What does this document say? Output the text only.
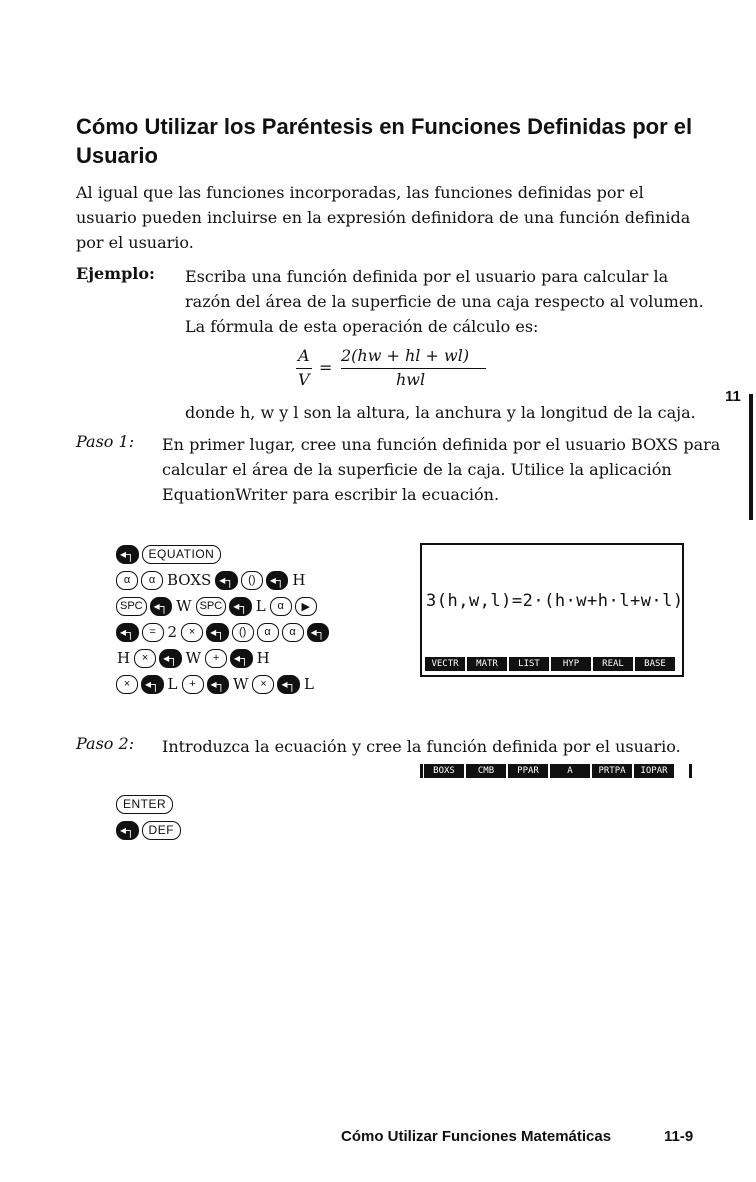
Cómo Utilizar los Paréntesis en Funciones Definidas por el Usuario
Al igual que las funciones incorporadas, las funciones definidas por el usuario pueden incluirse en la expresión definidora de una función definida por el usuario.
Ejemplo: Escriba una función definida por el usuario para calcular la razón del área de la superficie de una caja respecto al volumen. La fórmula de esta operación de cálculo es:
A
V
=
2(hw + hl + wl)
hwl
donde h, w y l son la altura, la anchura y la longitud de la caja.
11
Paso 1: En primer lugar, cree una función definida por el usuario BOXS para calcular el área de la superficie de la caja. Utilice la aplicación EquationWriter para escribir la ecuación.
◂┐	EQUATION
α	α BOXS ◂┐	()	◂┐ H
SPC ◂┐ W SPC ◂┐ L	α	▶
◂┐	= 2	×	◂┐	()	α	α	◂┐
H	×	◂┐ W	+	◂┐ H
×	◂┐ L	+	◂┐ W	×	◂┐ L
3(h,w,l)=2·(h·w+h·l+w·l)
VECTR	MATR	LIST	HYP	REAL	BASE
Paso 2: Introduzca la ecuación y cree la función definida por el usuario.
ENTER
◂┐	DEF
BOXS	CMB	PPAR	A	PRTPA	IOPAR
Cómo Utilizar Funciones Matemáticas	11-9
